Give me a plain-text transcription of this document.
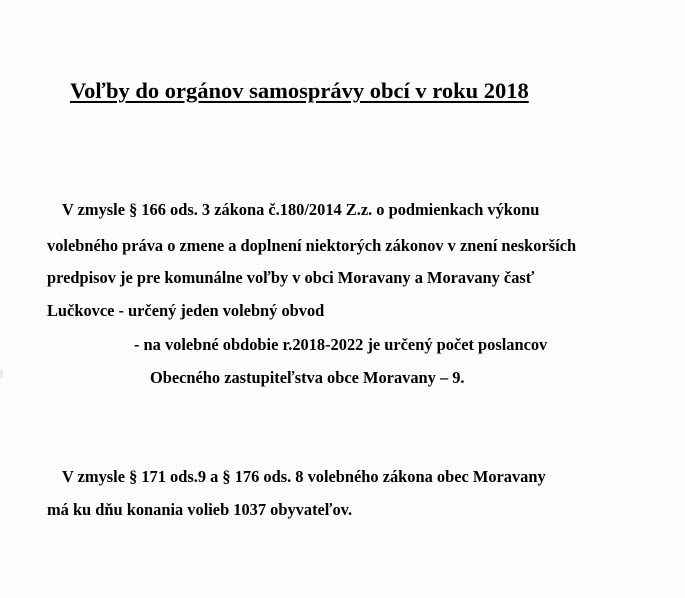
Voľby do orgánov samosprávy obcí v roku 2018
V zmysle § 166 ods. 3 zákona č.180/2014 Z.z. o podmienkach výkonu
volebného práva o zmene a doplnení niektorých zákonov v znení neskorších
predpisov je pre komunálne voľby v obci Moravany a Moravany časť
Lučkovce - určený jeden volebný obvod
- na volebné obdobie r.2018-2022 je určený počet poslancov
Obecného zastupiteľstva obce Moravany – 9.
V zmysle § 171 ods.9 a § 176 ods. 8 volebného zákona obec Moravany
má ku dňu konania volieb 1037 obyvateľov.
